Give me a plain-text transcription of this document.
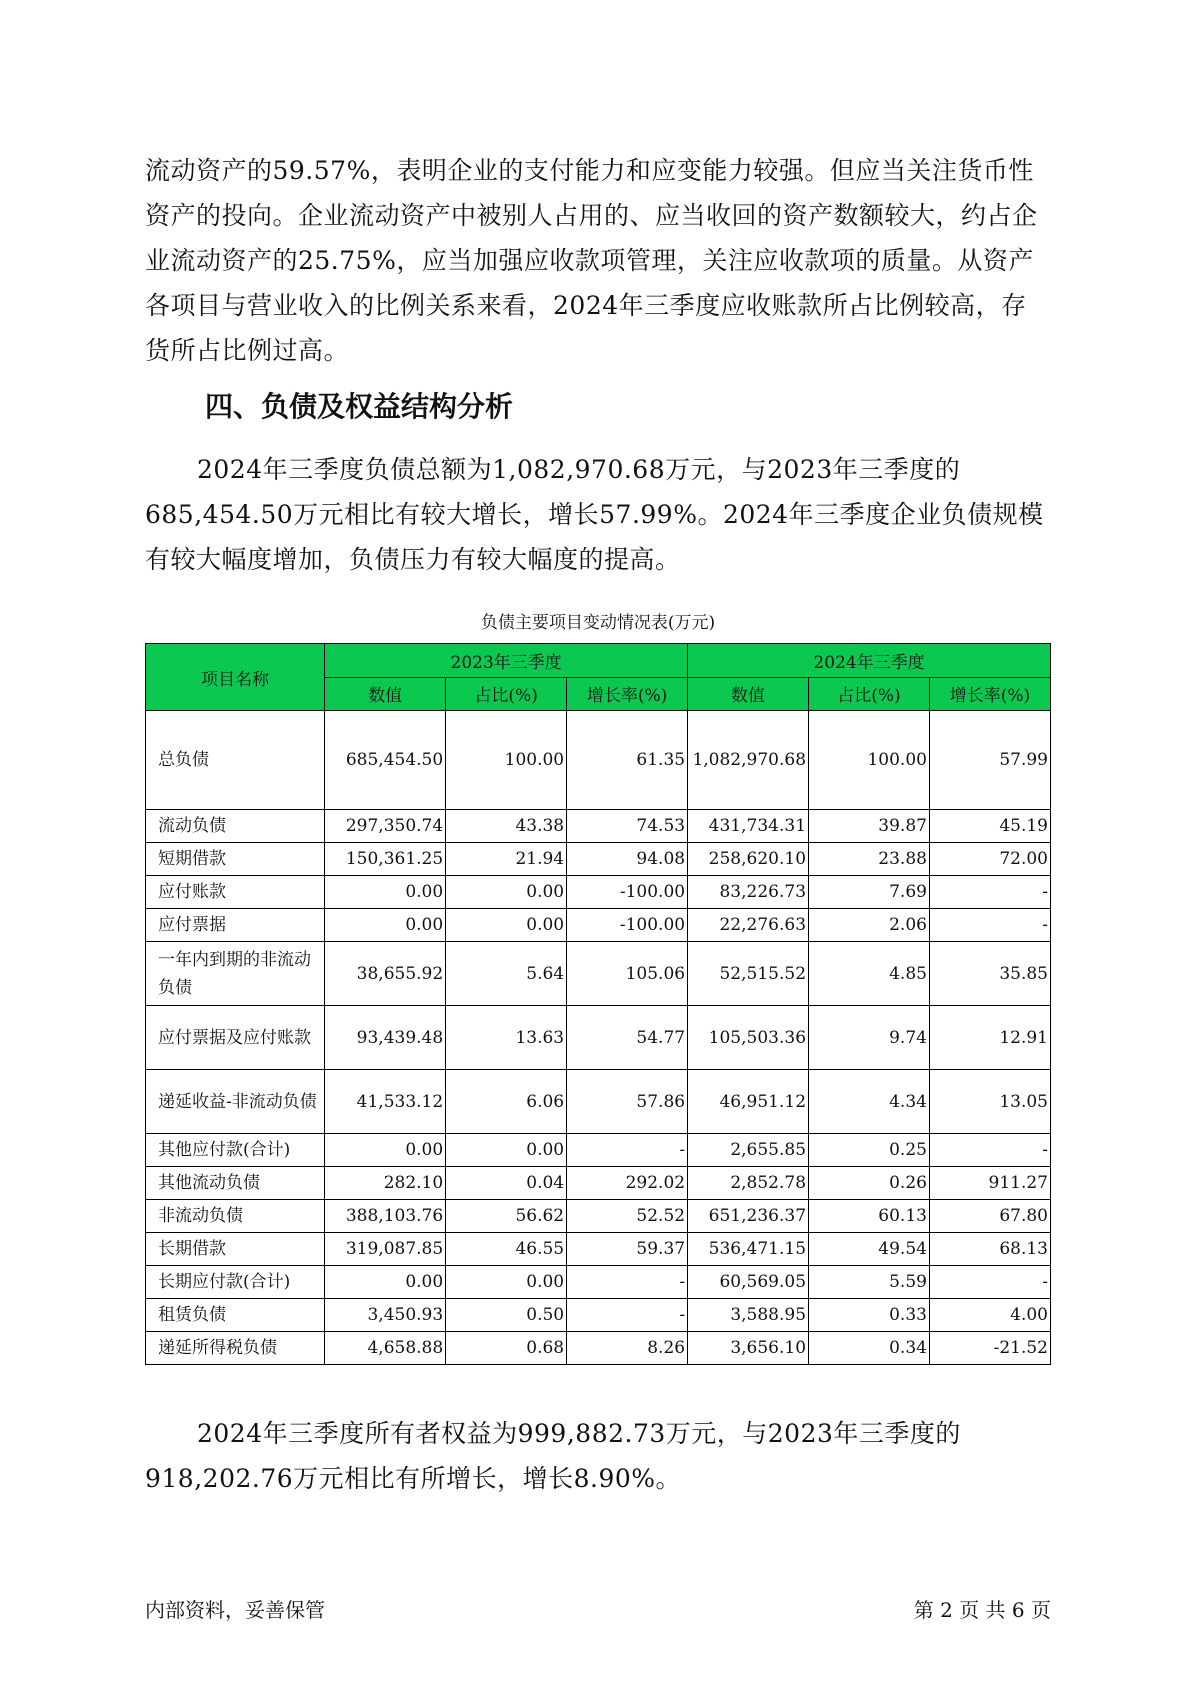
流动资产的59.57%，表明企业的支付能力和应变能力较强。但应当关注货币性资产的投向。企业流动资产中被别人占用的、应当收回的资产数额较大，约占企业流动资产的25.75%，应当加强应收款项管理，关注应收款项的质量。从资产各项目与营业收入的比例关系来看，2024年三季度应收账款所占比例较高，存货所占比例过高。

四、负债及权益结构分析

2024年三季度负债总额为1,082,970.68万元，与2023年三季度的685,454.50万元相比有较大增长，增长57.99%。2024年三季度企业负债规模有较大幅度增加，负债压力有较大幅度的提高。

负债主要项目变动情况表(万元)
项目名称	2023年三季度			2024年三季度		
	数值	占比(%)	增长率(%)	数值	占比(%)	增长率(%)
总负债	685,454.50	100.00	61.35	1,082,970.68	100.00	57.99
流动负债	297,350.74	43.38	74.53	431,734.31	39.87	45.19
短期借款	150,361.25	21.94	94.08	258,620.10	23.88	72.00
应付账款	0.00	0.00	-100.00	83,226.73	7.69	-
应付票据	0.00	0.00	-100.00	22,276.63	2.06	-
一年内到期的非流动负债	38,655.92	5.64	105.06	52,515.52	4.85	35.85
应付票据及应付账款	93,439.48	13.63	54.77	105,503.36	9.74	12.91
递延收益-非流动负债	41,533.12	6.06	57.86	46,951.12	4.34	13.05
其他应付款(合计)	0.00	0.00	-	2,655.85	0.25	-
其他流动负债	282.10	0.04	292.02	2,852.78	0.26	911.27
非流动负债	388,103.76	56.62	52.52	651,236.37	60.13	67.80
长期借款	319,087.85	46.55	59.37	536,471.15	49.54	68.13
长期应付款(合计)	0.00	0.00	-	60,569.05	5.59	-
租赁负债	3,450.93	0.50	-	3,588.95	0.33	4.00
递延所得税负债	4,658.88	0.68	8.26	3,656.10	0.34	-21.52

2024年三季度所有者权益为999,882.73万元，与2023年三季度的918,202.76万元相比有所增长，增长8.90%。

内部资料，妥善保管	第 2 页 共 6 页
